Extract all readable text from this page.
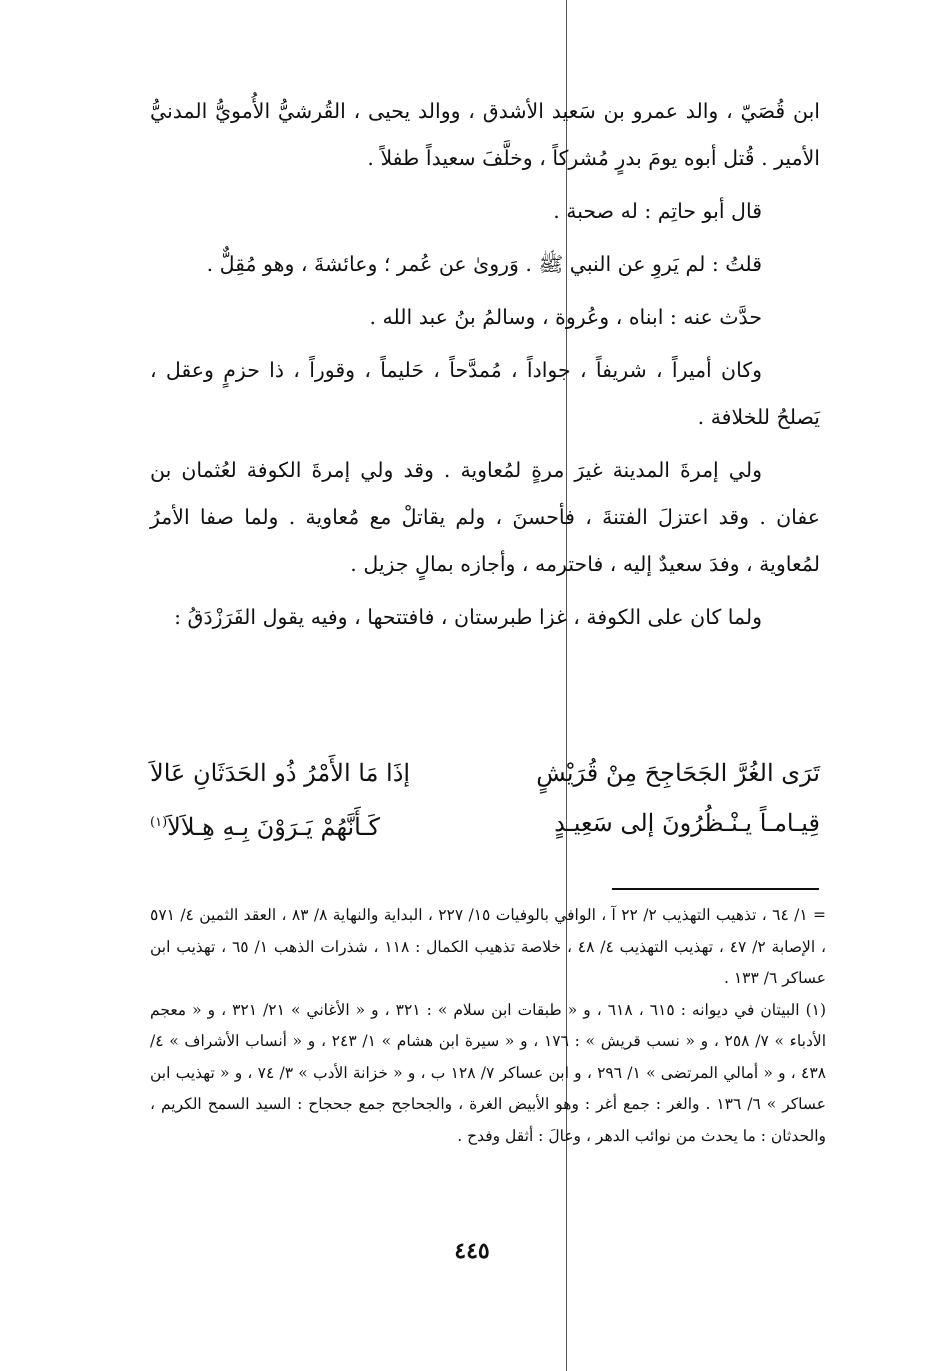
ابن قُصَيّ ، والد عمرو بن سَعيد الأشدق ، ووالد يحيى ، القُرشيُّ الأُمويُّ المدنيُّ الأمير . قُتل أبوه يومَ بدرٍ مُشركاً ، وخلَّفَ سعيداً طفلاً .

قال أبو حاتِم : له صحبة .

قلتُ : لم يَروِ عن النبي ﷺ . وَروىٰ عن عُمر ؛ وعائشةَ ، وهو مُقِلٌّ .

حدَّث عنه : ابناه ، وعُروة ، وسالمُ بنُ عبد الله .

وكان أميراً ، شريفاً ، جواداً ، مُمدَّحاً ، حَليماً ، وقوراً ، ذا حزمٍ وعقل ، يَصلحُ للخلافة .

ولي إمرةَ المدينة غيرَ مرةٍ لمُعاوية . وقد ولي إمرةَ الكوفة لعُثمان بن عفان . وقد اعتزلَ الفتنةَ ، فأحسنَ ، ولم يقاتلْ مع مُعاوية . ولما صفا الأمرُ لمُعاوية ، وفدَ سعيدٌ إليه ، فاحترمه ، وأجازه بمالٍ جزيل .

ولما كان على الكوفة ، غزا طبرستان ، فافتتحها ، وفيه يقول الفَرَزْدَقُ :

تَرَى الغُرَّ الجَحَاجِحَ مِنْ قُرَيْشٍ
إذَا مَا الأَمْرُ ذُو الحَدَثَانِ عَالاَ
قِيـامـاً يـنْـظُرُونَ إلى سَعِيـدٍ
كَـأَنَّهُمْ يَـرَوْنَ بِـهِ هِـلاَلاَ$^{(١)}$

= ١/ ٦٤ ، تذهيب التهذيب ٢/ ٢٢ آ ، الوافي بالوفيات ١٥/ ٢٢٧ ، البداية والنهاية ٨/ ٨٣ ، العقد الثمين ٤/ ٥٧١ ، الإصابة ٢/ ٤٧ ، تهذيب التهذيب ٤/ ٤٨ ، خلاصة تذهيب الكمال : ١١٨ ، شذرات الذهب ١/ ٦٥ ، تهذيب ابن عساكر ٦/ ١٣٣ .

(١) البيتان في ديوانه : ٦١٥ ، ٦١٨ ، و « طبقات ابن سلام » : ٣٢١ ، و « الأغاني » ٢١/ ٣٢١ ، و « معجم الأدباء » ٧/ ٢٥٨ ، و « نسب قريش » : ١٧٦ ، و « سيرة ابن هشام » ١/ ٢٤٣ ، و « أنساب الأشراف » ٤/ ٤٣٨ ، و « أمالي المرتضى » ١/ ٢٩٦ ، و ابن عساكر ٧/ ١٢٨ ب ، و « خزانة الأدب » ٣/ ٧٤ ، و « تهذيب ابن عساكر » ٦/ ١٣٦ . والغر : جمع أغر : وهو الأبيض الغرة ، والجحاجح جمع جحجاح : السيد السمح الكريم ، والحدثان : ما يحدث من نوائب الدهر ، وعالَ : أثقل وفدح .

٤٤٥
